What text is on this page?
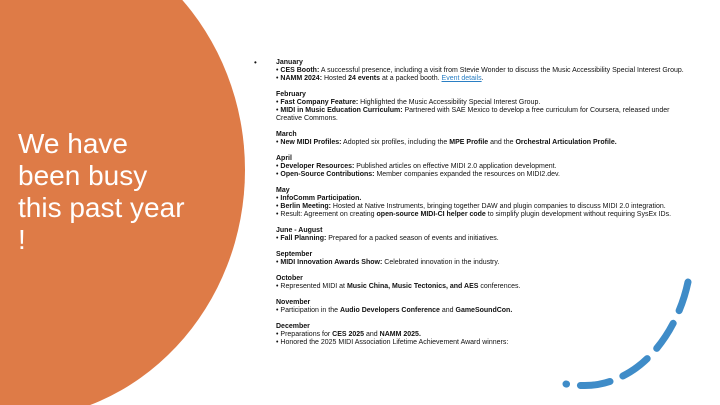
We have
been busy
this past year
!
•	January
• CES Booth: A successful presence, including a visit from Stevie Wonder to discuss the Music Accessibility Special Interest Group.
• NAMM 2024: Hosted 24 events at a packed booth. Event details.
February
• Fast Company Feature: Highlighted the Music Accessibility Special Interest Group.
• MIDI in Music Education Curriculum: Partnered with SAE Mexico to develop a free curriculum for Coursera, released under Creative Commons.
March
• New MIDI Profiles: Adopted six profiles, including the MPE Profile and the Orchestral Articulation Profile.
April
• Developer Resources: Published articles on effective MIDI 2.0 application development.
• Open-Source Contributions: Member companies expanded the resources on MIDI2.dev.
May
• InfoComm Participation.
• Berlin Meeting: Hosted at Native Instruments, bringing together DAW and plugin companies to discuss MIDI 2.0 integration.
• Result: Agreement on creating open-source MIDI-CI helper code to simplify plugin development without requiring SysEx IDs.
June - August
• Fall Planning: Prepared for a packed season of events and initiatives.
September
• MIDI Innovation Awards Show: Celebrated innovation in the industry.
October
• Represented MIDI at Music China, Music Tectonics, and AES conferences.
November
• Participation in the Audio Developers Conference and GameSoundCon.
December
• Preparations for CES 2025 and NAMM 2025.
• Honored the 2025 MIDI Association Lifetime Achievement Award winners:
